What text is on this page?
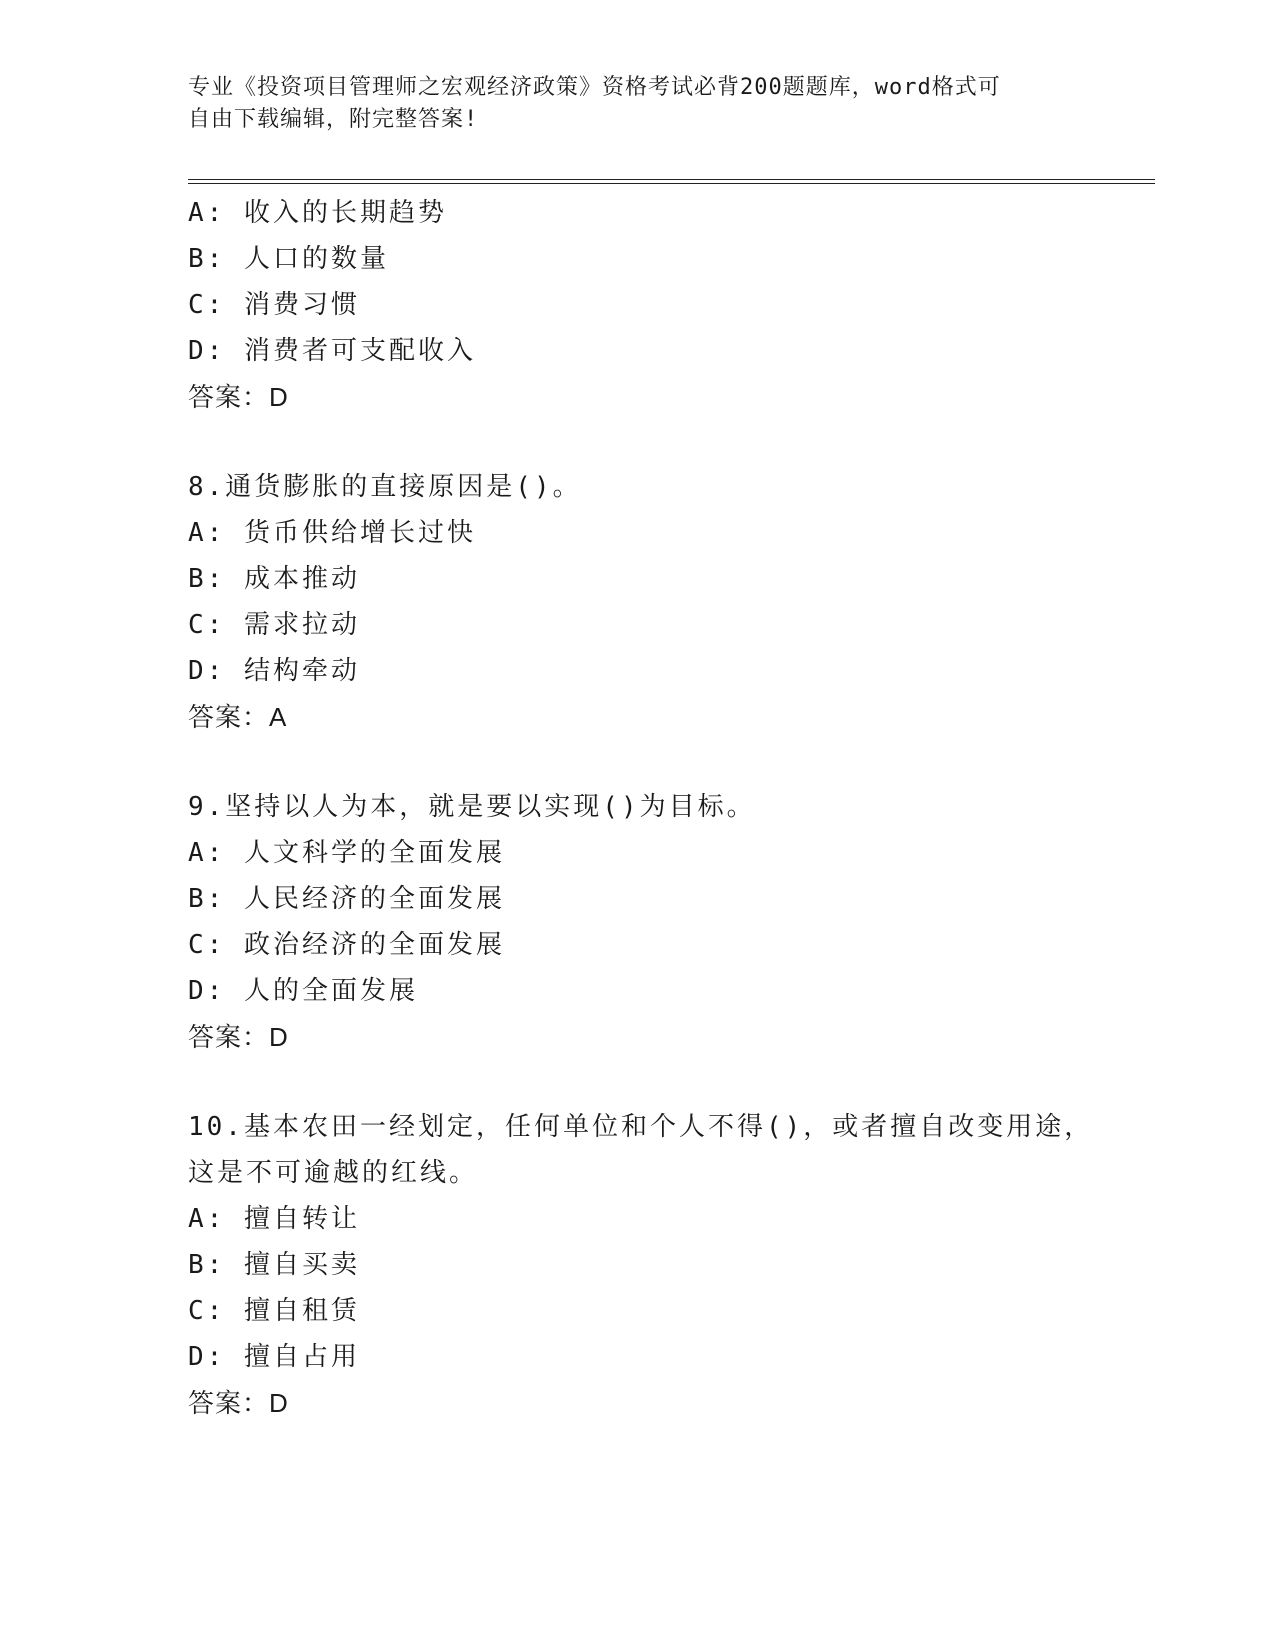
专业《投资项目管理师之宏观经济政策》资格考试必背200题题库，word格式可
自由下载编辑，附完整答案!
A: 收入的长期趋势
B: 人口的数量
C: 消费习惯
D: 消费者可支配收入
答案：D
8.通货膨胀的直接原因是()。
A: 货币供给增长过快
B: 成本推动
C: 需求拉动
D: 结构牵动
答案：A
9.坚持以人为本，就是要以实现()为目标。
A: 人文科学的全面发展
B: 人民经济的全面发展
C: 政治经济的全面发展
D: 人的全面发展
答案：D
10.基本农田一经划定，任何单位和个人不得()，或者擅自改变用途，
这是不可逾越的红线。
A: 擅自转让
B: 擅自买卖
C: 擅自租赁
D: 擅自占用
答案：D
